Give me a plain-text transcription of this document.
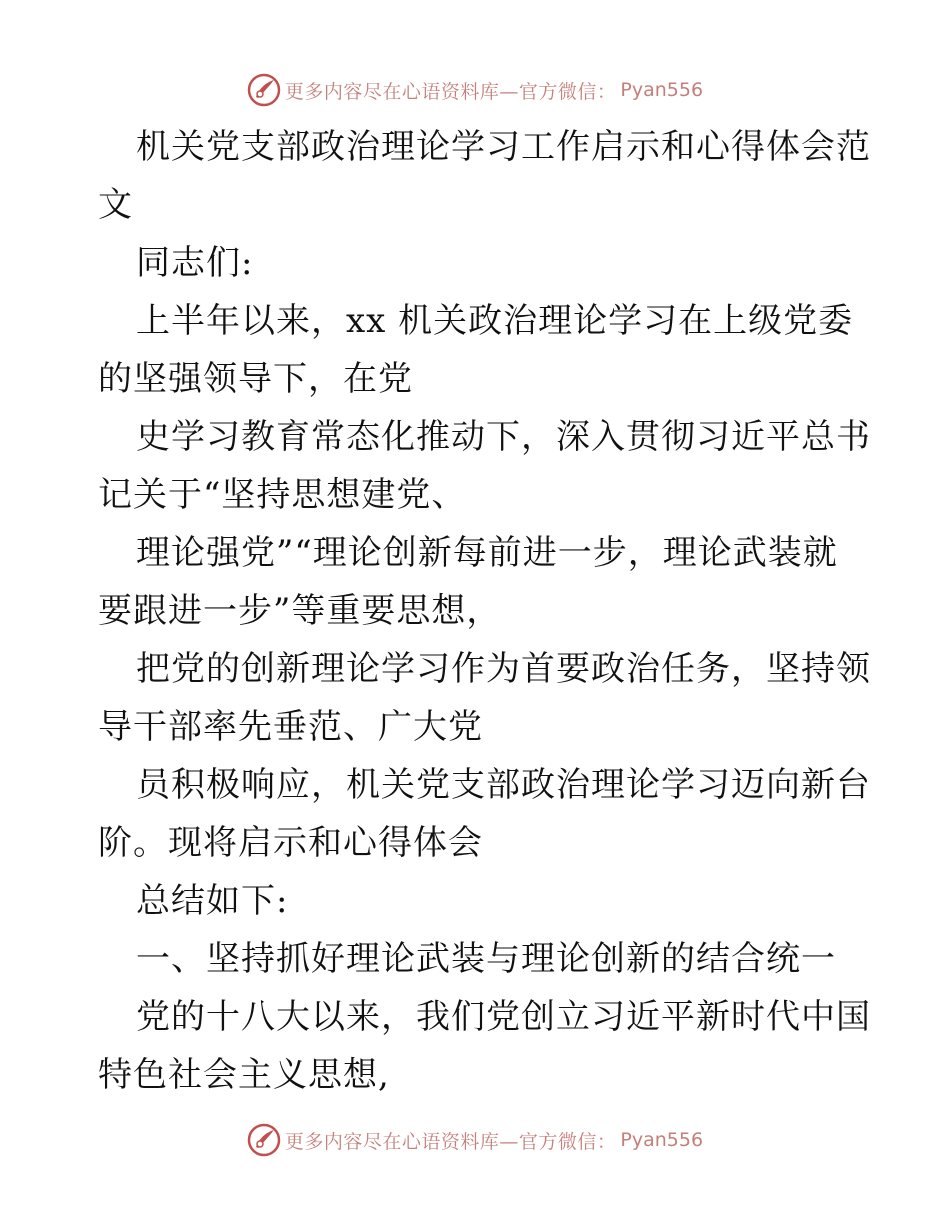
更多内容尽在心语资料库—官方微信： Pyan556
机关党支部政治理论学习工作启示和心得体会范
文
同志们:
上半年以来，xx 机关政治理论学习在上级党委
的坚强领导下，在党
史学习教育常态化推动下，深入贯彻习近平总书
记关于“坚持思想建党、
理论强党”“理论创新每前进一步，理论武装就
要跟进一步”等重要思想，
把党的创新理论学习作为首要政治任务，坚持领
导干部率先垂范、广大党
员积极响应，机关党支部政治理论学习迈向新台
阶。现将启示和心得体会
总结如下:
一、坚持抓好理论武装与理论创新的结合统一
党的十八大以来，我们党创立习近平新时代中国
特色社会主义思想,
更多内容尽在心语资料库—官方微信： Pyan556
